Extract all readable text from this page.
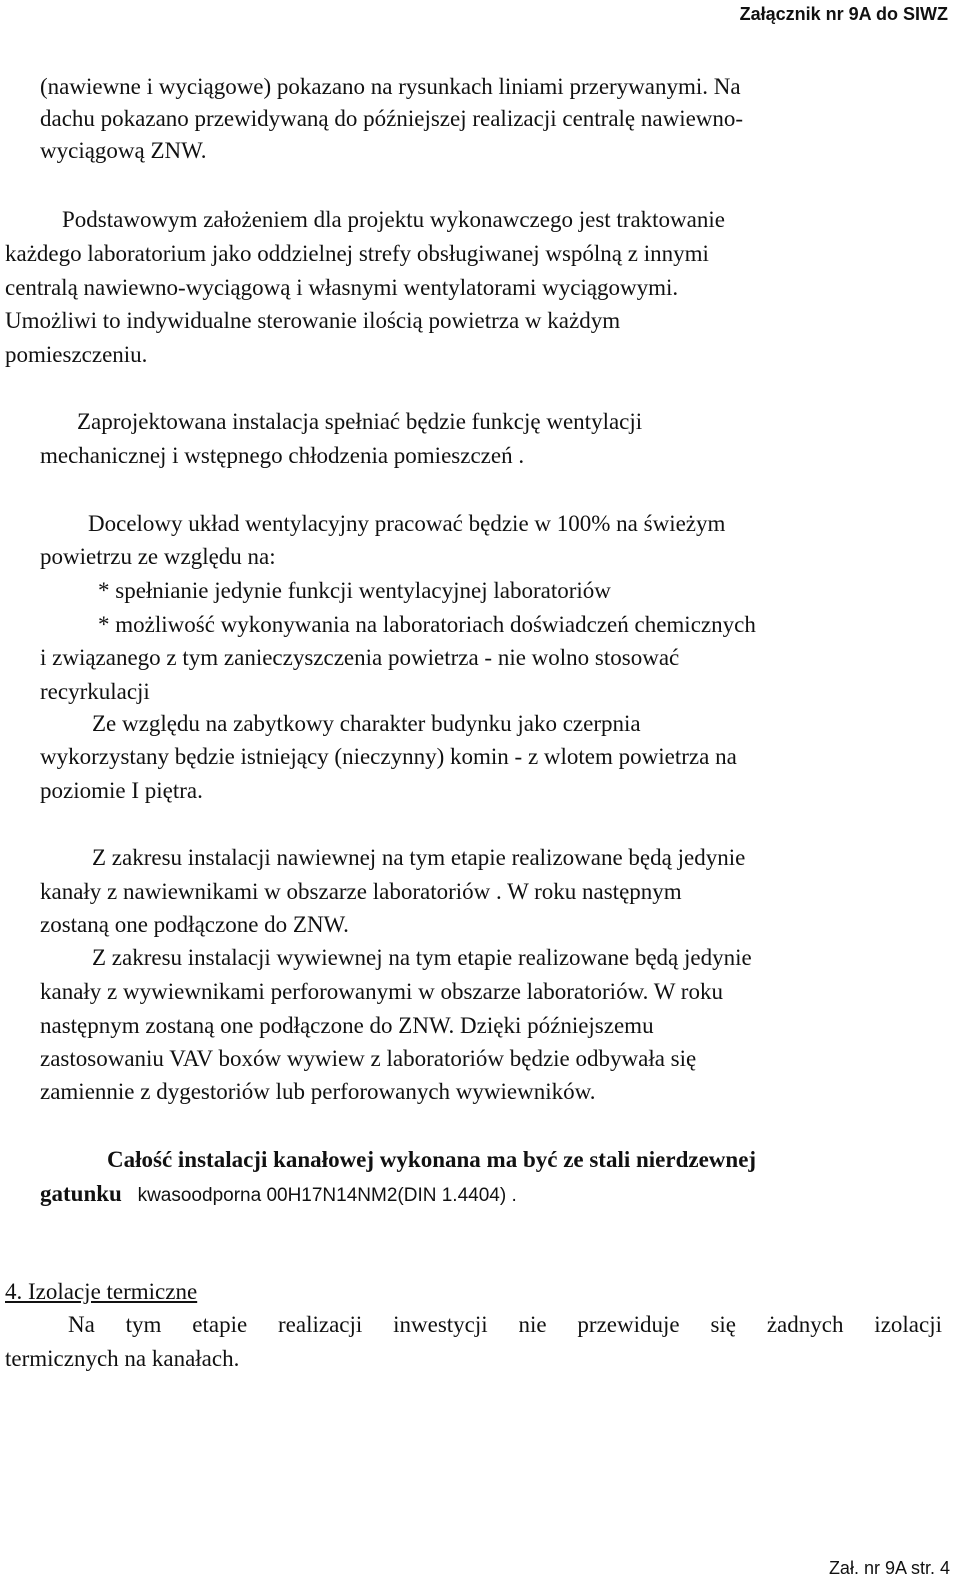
Załącznik nr 9A do SIWZ
(nawiewne i wyciągowe) pokazano na rysunkach liniami przerywanymi. Na
dachu pokazano przewidywaną do późniejszej realizacji centralę nawiewno-
wyciągową ZNW.
Podstawowym założeniem dla projektu wykonawczego jest traktowanie
każdego laboratorium jako oddzielnej strefy obsługiwanej wspólną z innymi
centralą nawiewno-wyciągową i własnymi wentylatorami wyciągowymi.
Umożliwi to indywidualne sterowanie ilością powietrza w każdym
pomieszczeniu.
Zaprojektowana instalacja spełniać będzie funkcję wentylacji
mechanicznej i wstępnego chłodzenia pomieszczeń .
Docelowy układ wentylacyjny pracować będzie w 100% na świeżym
powietrzu ze względu na:
* spełnianie jedynie funkcji wentylacyjnej laboratoriów
* możliwość wykonywania na laboratoriach doświadczeń chemicznych
i związanego z tym zanieczyszczenia powietrza - nie wolno stosować
recyrkulacji
Ze względu na zabytkowy charakter budynku jako czerpnia
wykorzystany będzie istniejący (nieczynny) komin - z wlotem powietrza na
poziomie I piętra.
Z zakresu instalacji nawiewnej na tym etapie realizowane będą jedynie
kanały z nawiewnikami w obszarze laboratoriów . W roku następnym
zostaną one podłączone do ZNW.
Z zakresu instalacji wywiewnej na tym etapie realizowane będą jedynie
kanały z wywiewnikami perforowanymi w obszarze laboratoriów. W roku
następnym zostaną one podłączone do ZNW. Dzięki późniejszemu
zastosowaniu VAV boxów wywiew z laboratoriów będzie odbywała się
zamiennie z dygestoriów lub perforowanych wywiewników.
Całość instalacji kanałowej wykonana ma być ze stali nierdzewnej
gatunku kwasoodporna 00H17N14NM2(DIN 1.4404) .
4. Izolacje termiczne
Na tym etapie realizacji inwestycji nie przewiduje się żadnych izolacji
termicznych na kanałach.
Zał. nr 9A str. 4
